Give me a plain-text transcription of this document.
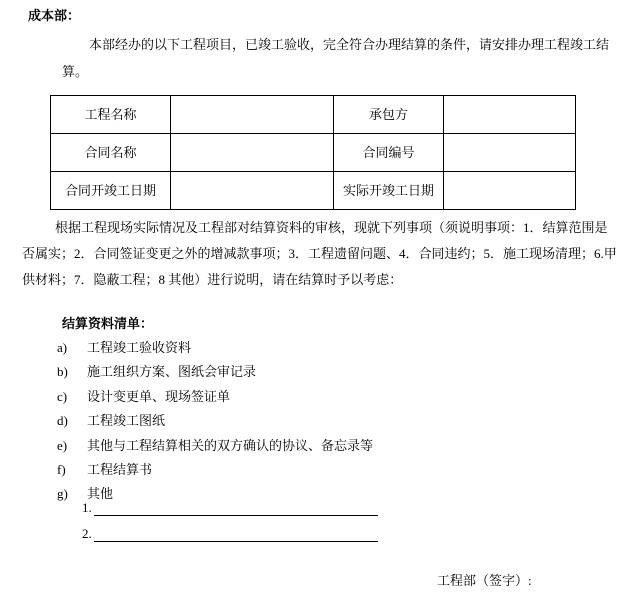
成本部：
本部经办的以下工程项目，已竣工验收，完全符合办理结算的条件，请安排办理工程竣工结
算。
工程名称		承包方	
合同名称		合同编号	
合同开竣工日期		实际开竣工日期	
根据工程现场实际情况及工程部对结算资料的审核，现就下列事项（须说明事项：1．结算范围是
否属实；2．合同签证变更之外的增减款事项；3．工程遗留问题、4．合同违约；5．施工现场清理；6.甲
供材料；7．隐蔽工程；8 其他）进行说明，请在结算时予以考虑：
结算资料清单：
a) 工程竣工验收资料
b) 施工组织方案、图纸会审记录
c) 设计变更单、现场签证单
d) 工程竣工图纸
e) 其他与工程结算相关的双方确认的协议、备忘录等
f) 工程结算书
g) 其他
1.
2.
工程部（签字）:
